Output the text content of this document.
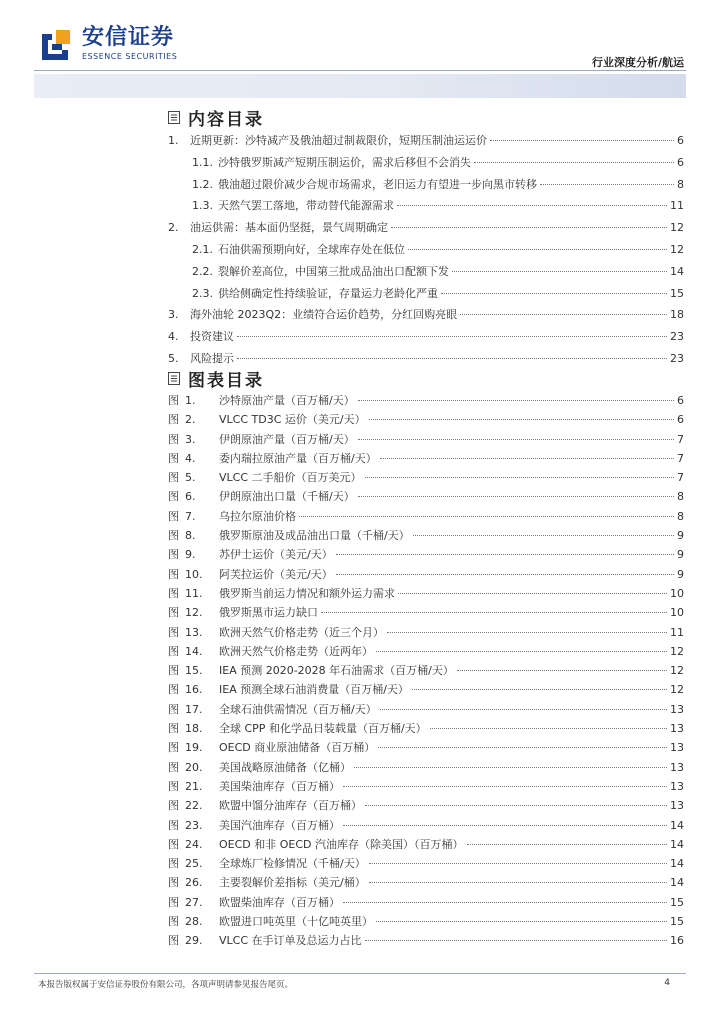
安信证券
ESSENCE SECURITIES	行业深度分析/航运
内容目录
1.	近期更新：沙特减产及俄油超过制裁限价，短期压制油运运价	6
1.1. 沙特俄罗斯减产短期压制运价，需求后移但不会消失	6
1.2. 俄油超过限价减少合规市场需求，老旧运力有望进一步向黑市转移	8
1.3. 天然气罢工落地，带动替代能源需求	11
2.	油运供需：基本面仍坚挺，景气周期确定	12
2.1. 石油供需预期向好，全球库存处在低位	12
2.2. 裂解价差高位，中国第三批成品油出口配额下发	14
2.3. 供给侧确定性持续验证，存量运力老龄化严重	15
3.	海外油轮 2023Q2：业绩符合运价趋势，分红回购亮眼	18
4.	投资建议	23
5.	风险提示	23
图表目录
图 1.	沙特原油产量（百万桶/天）	6
图 2.	VLCC TD3C 运价（美元/天）	6
图 3.	伊朗原油产量（百万桶/天）	7
图 4.	委内瑞拉原油产量（百万桶/天）	7
图 5.	VLCC 二手船价（百万美元）	7
图 6.	伊朗原油出口量（千桶/天）	8
图 7.	乌拉尔原油价格	8
图 8.	俄罗斯原油及成品油出口量（千桶/天）	9
图 9.	苏伊士运价（美元/天）	9
图 10.	阿芙拉运价（美元/天）	9
图 11.	俄罗斯当前运力情况和额外运力需求	10
图 12.	俄罗斯黑市运力缺口	10
图 13.	欧洲天然气价格走势（近三个月）	11
图 14.	欧洲天然气价格走势（近两年）	12
图 15.	IEA 预测 2020-2028 年石油需求（百万桶/天）	12
图 16.	IEA 预测全球石油消费量（百万桶/天）	12
图 17.	全球石油供需情况（百万桶/天）	13
图 18.	全球 CPP 和化学品日装载量（百万桶/天）	13
图 19.	OECD 商业原油储备（百万桶）	13
图 20.	美国战略原油储备（亿桶）	13
图 21.	美国柴油库存（百万桶）	13
图 22.	欧盟中馏分油库存（百万桶）	13
图 23.	美国汽油库存（百万桶）	14
图 24.	OECD 和非 OECD 汽油库存（除美国）（百万桶）	14
图 25.	全球炼厂检修情况（千桶/天）	14
图 26.	主要裂解价差指标（美元/桶）	14
图 27.	欧盟柴油库存（百万桶）	15
图 28.	欧盟进口吨英里（十亿吨英里）	15
图 29.	VLCC 在手订单及总运力占比	16
本报告版权属于安信证券股份有限公司，各项声明请参见报告尾页。	4
